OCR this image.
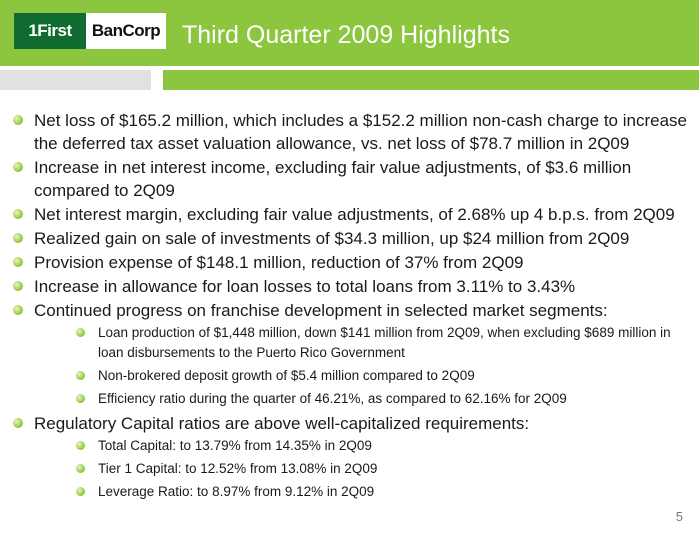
1First	BanCorp Third Quarter 2009 Highlights
Net loss of $165.2 million, which includes a $152.2 million non-cash charge to increase the deferred tax asset valuation allowance, vs. net loss of $78.7 million in 2Q09
Increase in net interest income, excluding fair value adjustments, of $3.6 million compared to 2Q09
Net interest margin, excluding fair value adjustments, of 2.68% up 4 b.p.s. from 2Q09
Realized gain on sale of investments of $34.3 million, up $24 million from 2Q09
Provision expense of $148.1 million, reduction of 37% from 2Q09
Increase in allowance for loan losses to total loans from 3.11% to 3.43%
Continued progress on franchise development in selected market segments:
Loan production of $1,448 million, down $141 million from 2Q09, when excluding $689 million in loan disbursements to the Puerto Rico Government
Non-brokered deposit growth of $5.4 million compared to 2Q09
Efficiency ratio during the quarter of 46.21%, as compared to 62.16% for 2Q09
Regulatory Capital ratios are above well-capitalized requirements:
Total Capital: to 13.79% from 14.35% in 2Q09
Tier 1 Capital: to 12.52% from 13.08% in 2Q09
Leverage Ratio: to 8.97% from 9.12% in 2Q09
5
